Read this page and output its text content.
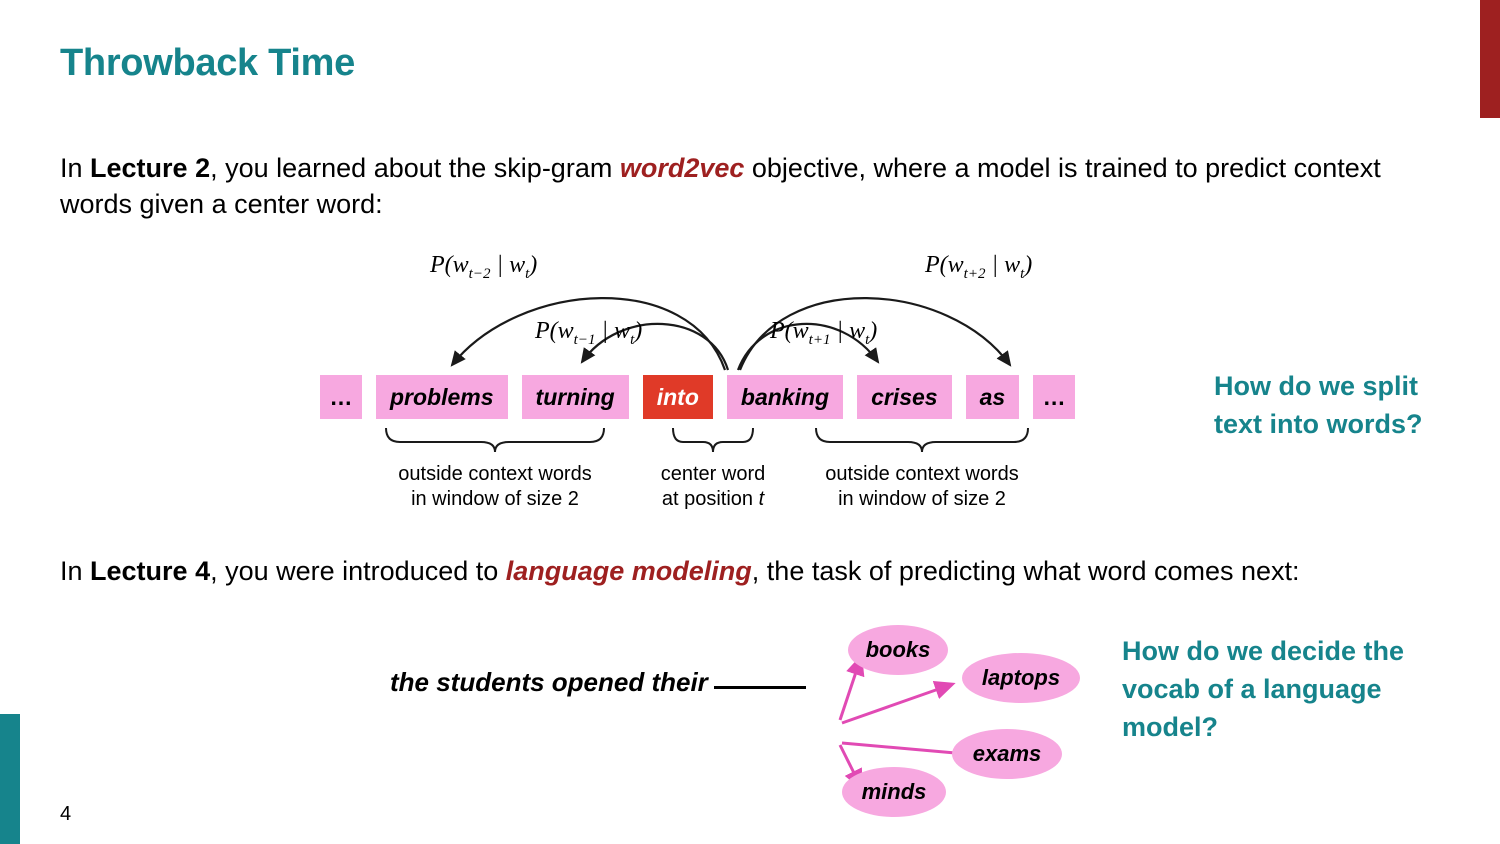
Throwback Time
In Lecture 2, you learned about the skip-gram word2vec objective, where a model is trained to predict context words given a center word:
$P(w_{t-2}$ | $w_t$)
$P(w_{t-1}$ | $w_t$)	$P(w_{t+1}$ | $w_t$)
$P(w_{t+2}$ | $w_t$)
…	problems	turning	into	banking	crises	as	…
outside context words
in window of size 2
center word
at position t
outside context words
in window of size 2
How do we split text into words?
In Lecture 4, you were introduced to language modeling, the task of predicting what word comes next:
the students opened their
books
laptops
exams
minds
How do we decide the vocab of a language model?
4
